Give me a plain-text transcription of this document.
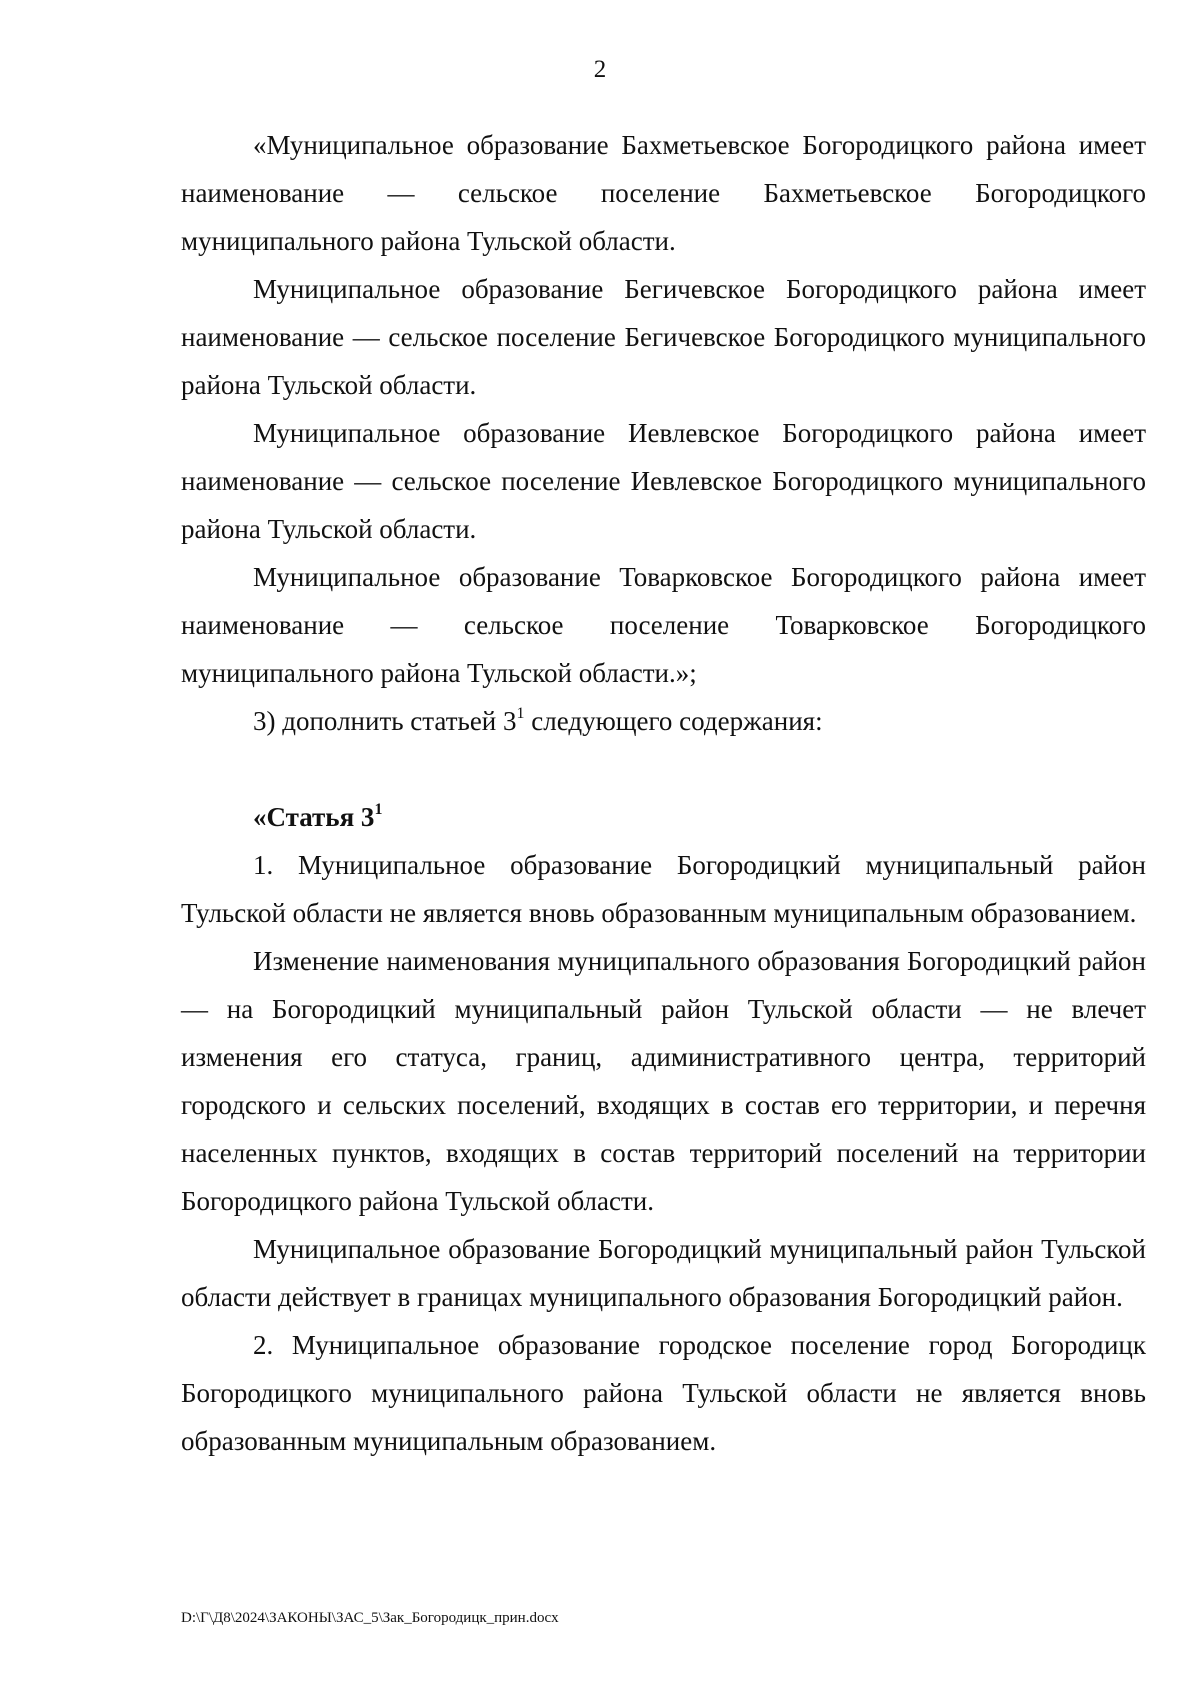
2

«Муниципальное образование Бахметьевское Богородицкого района имеет наименование — сельское поселение Бахметьевское Богородицкого муниципального района Тульской области.

Муниципальное образование Бегичевское Богородицкого района имеет наименование — сельское поселение Бегичевское Богородицкого муниципального района Тульской области.

Муниципальное образование Иевлевское Богородицкого района имеет наименование — сельское поселение Иевлевское Богородицкого муниципального района Тульской области.

Муниципальное образование Товарковское Богородицкого района имеет наименование — сельское поселение Товарковское Богородицкого муниципального района Тульской области.»;

3) дополнить статьей $3^1$ следующего содержания:

«Статья $3^1$

1. Муниципальное образование Богородицкий муниципальный район Тульской области не является вновь образованным муниципальным образованием.

Изменение наименования муниципального образования Богородицкий район — на Богородицкий муниципальный район Тульской области — не влечет изменения его статуса, границ, адиминистративного центра, территорий городского и сельских поселений, входящих в состав его территории, и перечня населенных пунктов, входящих в состав территорий поселений на территории Богородицкого района Тульской области.

Муниципальное образование Богородицкий муниципальный район Тульской области действует в границах муниципального образования Богородицкий район.

2. Муниципальное образование городское поселение город Богородицк Богородицкого муниципального района Тульской области не является вновь образованным муниципальным образованием.

D:\Г\Д8\2024\ЗАКОНЫ\ЗАС_5\Зак_Богородицк_прин.docx
